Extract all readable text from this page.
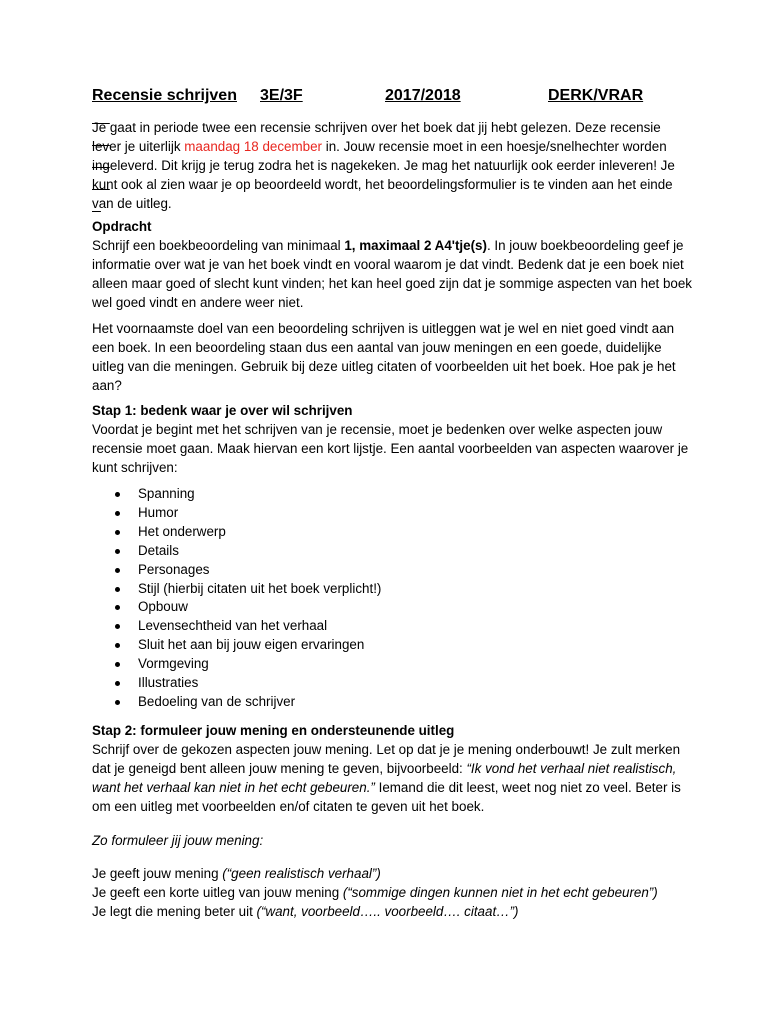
Recensie schrijven

3E/3F

	2017/2018

	DERK/VRAR

Je gaat in periode twee een recensie schrijven over het boek dat jij hebt gelezen. Deze recensie lever je uiterlijk maandag 18 december in. Jouw recensie moet in een hoesje/snelhechter worden ingeleverd. Dit krijg je terug zodra het is nagekeken. Je mag het natuurlijk ook eerder inleveren! Je kunt ook al zien waar je op beoordeeld wordt, het beoordelingsformulier is te vinden aan het einde van de uitleg.

Opdracht

Schrijf een boekbeoordeling van minimaal 1, maximaal 2 A4'tje(s). In jouw boekbeoordeling geef je informatie over wat je van het boek vindt en vooral waarom je dat vindt. Bedenk dat je een boek niet alleen maar goed of slecht kunt vinden; het kan heel goed zijn dat je sommige aspecten van het boek wel goed vindt en andere weer niet.

Het voornaamste doel van een beoordeling schrijven is uitleggen wat je wel en niet goed vindt aan een boek. In een beoordeling staan dus een aantal van jouw meningen en een goede, duidelijke uitleg van die meningen. Gebruik bij deze uitleg citaten of voorbeelden uit het boek. Hoe pak je het aan?

Stap 1: bedenk waar je over wil schrijven

Voordat je begint met het schrijven van je recensie, moet je bedenken over welke aspecten jouw recensie moet gaan. Maak hiervan een kort lijstje. Een aantal voorbeelden van aspecten waarover je kunt schrijven:

Spanning
Humor
Het onderwerp
Details
Personages
Stijl (hierbij citaten uit het boek verplicht!)
Opbouw
Levensechtheid van het verhaal
Sluit het aan bij jouw eigen ervaringen
Vormgeving
Illustraties
Bedoeling van de schrijver

Stap 2: formuleer jouw mening en ondersteunende uitleg

Schrijf over de gekozen aspecten jouw mening. Let op dat je je mening onderbouwt! Je zult merken dat je geneigd bent alleen jouw mening te geven, bijvoorbeeld: “Ik vond het verhaal niet realistisch, want het verhaal kan niet in het echt gebeuren.” Iemand die dit leest, weet nog niet zo veel. Beter is om een uitleg met voorbeelden en/of citaten te geven uit het boek.

Zo formuleer jij jouw mening:

Je geeft jouw mening (“geen realistisch verhaal”)

Je geeft een korte uitleg van jouw mening (“sommige dingen kunnen niet in het echt gebeuren”)

Je legt die mening beter uit (“want, voorbeeld….. voorbeeld…. citaat…”)
